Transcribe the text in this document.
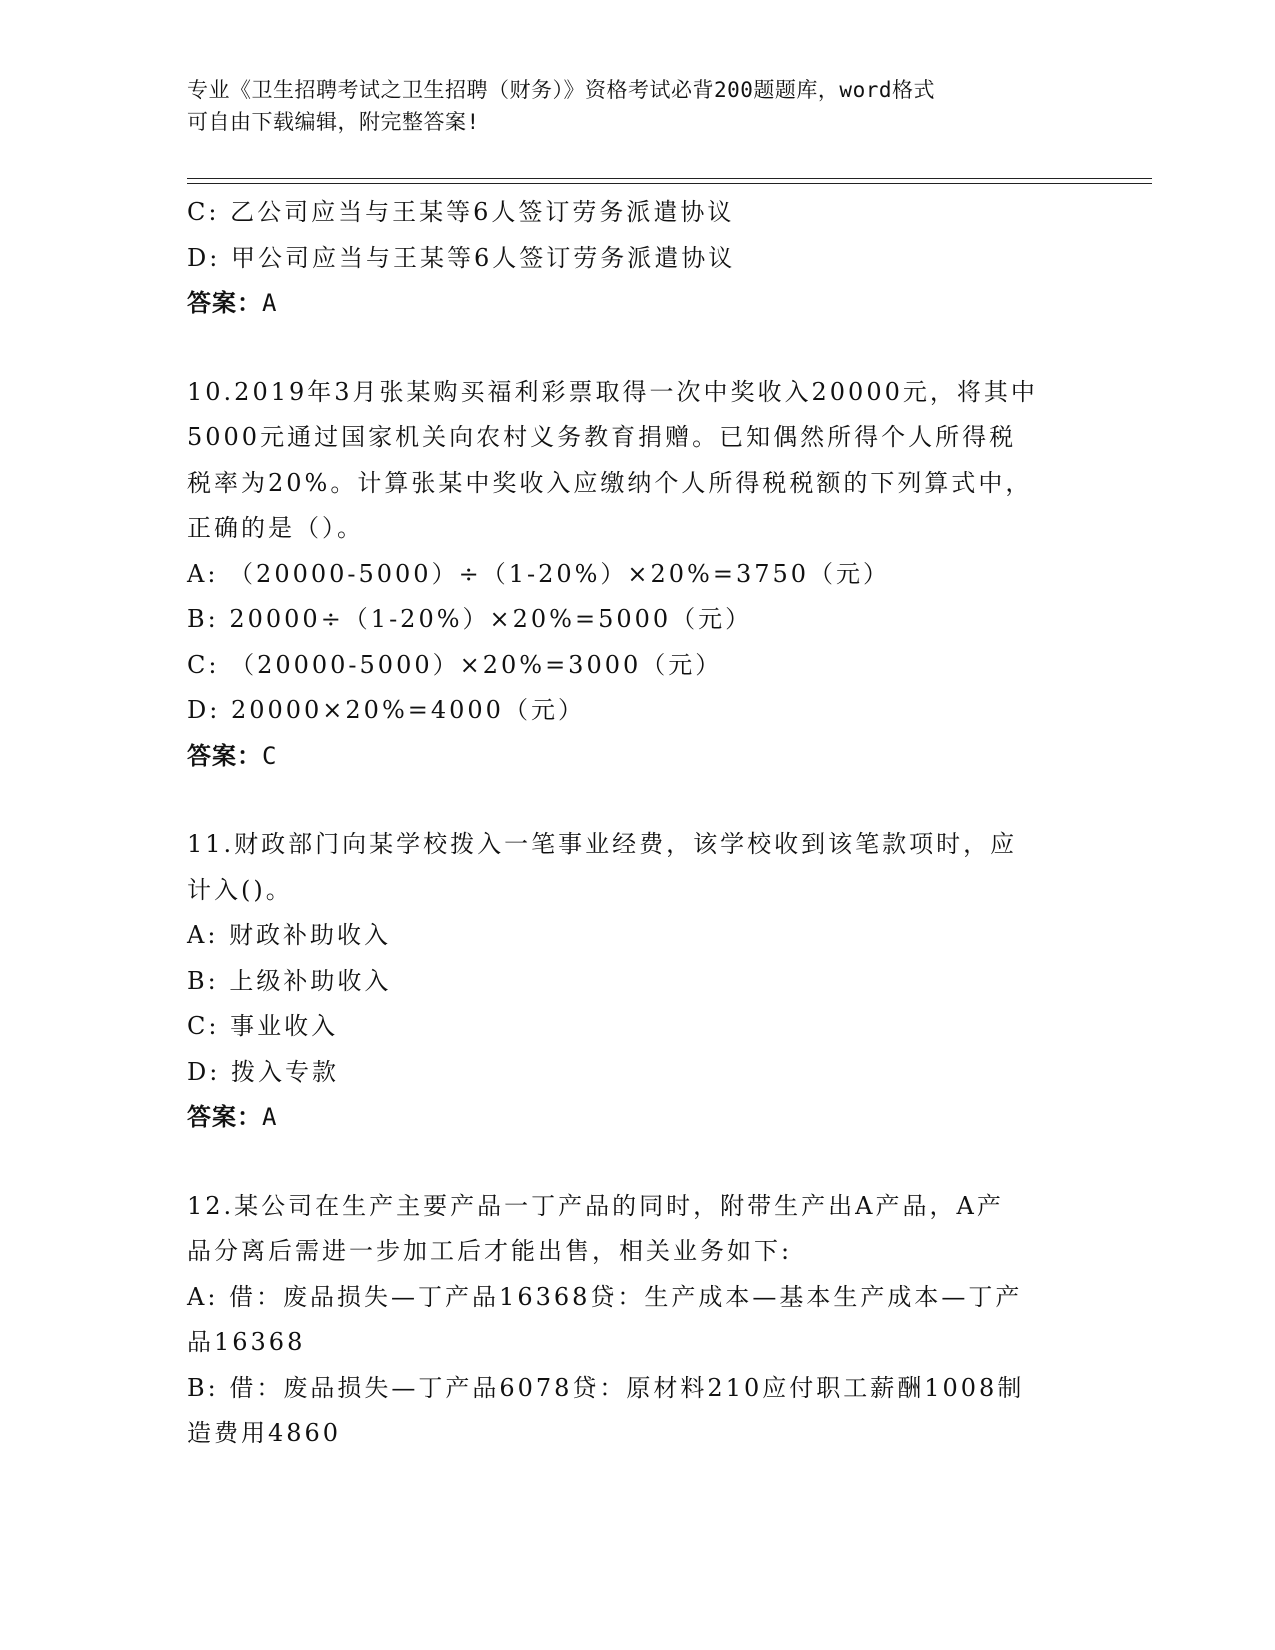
专业《卫生招聘考试之卫生招聘（财务）》资格考试必背200题题库，word格式
可自由下载编辑，附完整答案!
C: 乙公司应当与王某等6人签订劳务派遣协议
D: 甲公司应当与王某等6人签订劳务派遣协议
答案：A
10.2019年3月张某购买福利彩票取得一次中奖收入20000元，将其中
5000元通过国家机关向农村义务教育捐赠。已知偶然所得个人所得税
税率为20%。计算张某中奖收入应缴纳个人所得税税额的下列算式中，
正确的是（）。
A: （20000-5000）÷（1-20%）×20%=3750（元）
B: 20000÷（1-20%）×20%=5000（元）
C: （20000-5000）×20%=3000（元）
D: 20000×20%=4000（元）
答案：C
11.财政部门向某学校拨入一笔事业经费，该学校收到该笔款项时，应
计入()。
A: 财政补助收入
B: 上级补助收入
C: 事业收入
D: 拨入专款
答案：A
12.某公司在生产主要产品一丁产品的同时，附带生产出A产品，A产
品分离后需进一步加工后才能出售，相关业务如下:
A: 借：废品损失—丁产品16368贷：生产成本—基本生产成本—丁产
品16368
B: 借：废品损失—丁产品6078贷：原材料210应付职工薪酬1008制
造费用4860
